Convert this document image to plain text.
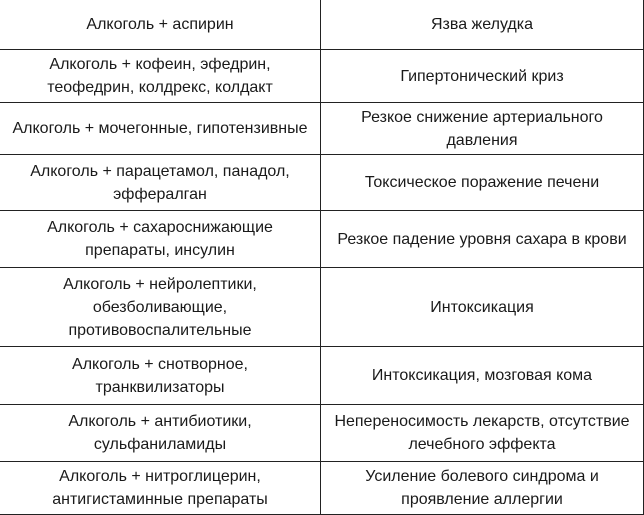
Алкоголь + аспирин	Язва желудка
Алкоголь + кофеин, эфедрин, теофедрин, колдрекс, колдакт	Гипертонический криз
Алкоголь + мочегонные, гипотензивные	Резкое снижение артериального давления
Алкоголь + парацетамол, панадол, эффералган	Токсическое поражение печени
Алкоголь + сахароснижающие препараты, инсулин	Резкое падение уровня сахара в крови
Алкоголь + нейролептики, обезболивающие, противовоспалительные	Интоксикация
Алкоголь + снотворное, транквилизаторы	Интоксикация, мозговая кома
Алкоголь + антибиотики, сульфаниламиды	Непереносимость лекарств, отсутствие лечебного эффекта
Алкоголь + нитроглицерин, антигистаминные препараты	Усиление болевого синдрома и проявление аллергии
